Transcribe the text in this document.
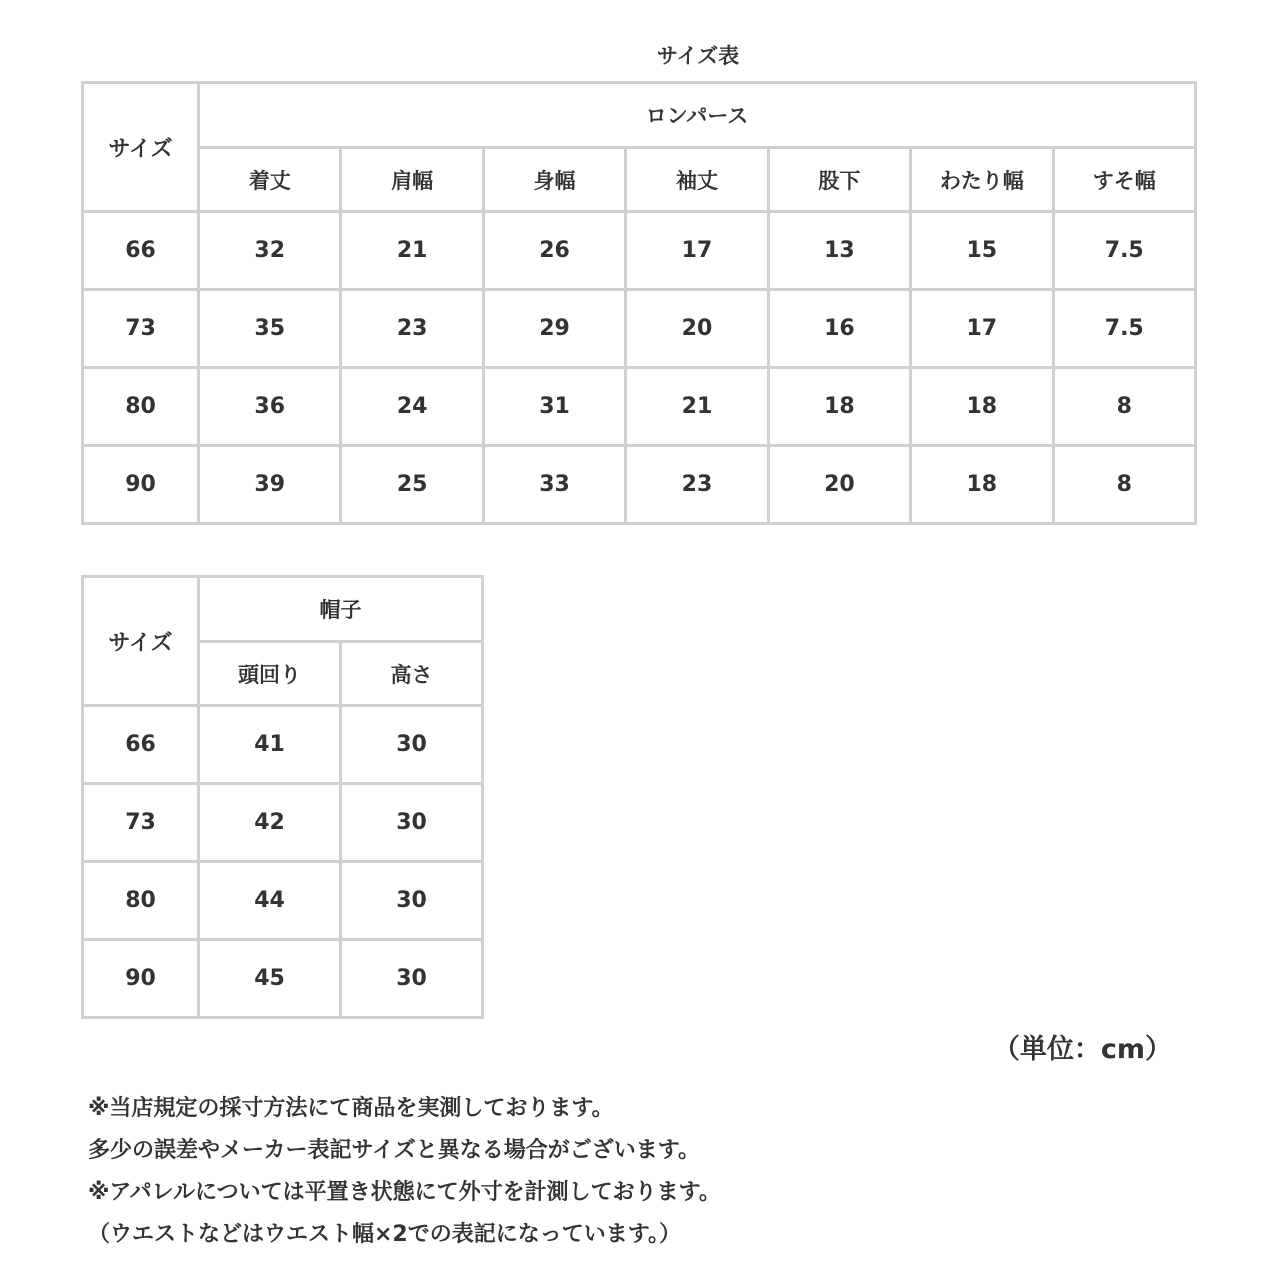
サイズ表
サイズ	ロンパース						
	着丈	肩幅	身幅	袖丈	股下	わたり幅	すそ幅
66	32	21	26	17	13	15	7.5
73	35	23	29	20	16	17	7.5
80	36	24	31	21	18	18	8
90	39	25	33	23	20	18	8
サイズ	帽子	
	頭回り	高さ
66	41	30
73	42	30
80	44	30
90	45	30
（単位：cm）
※当店規定の採寸方法にて商品を実測しております。
多少の誤差やメーカー表記サイズと異なる場合がございます。
※アパレルについては平置き状態にて外寸を計測しております。
（ウエストなどはウエスト幅×2での表記になっています。）
